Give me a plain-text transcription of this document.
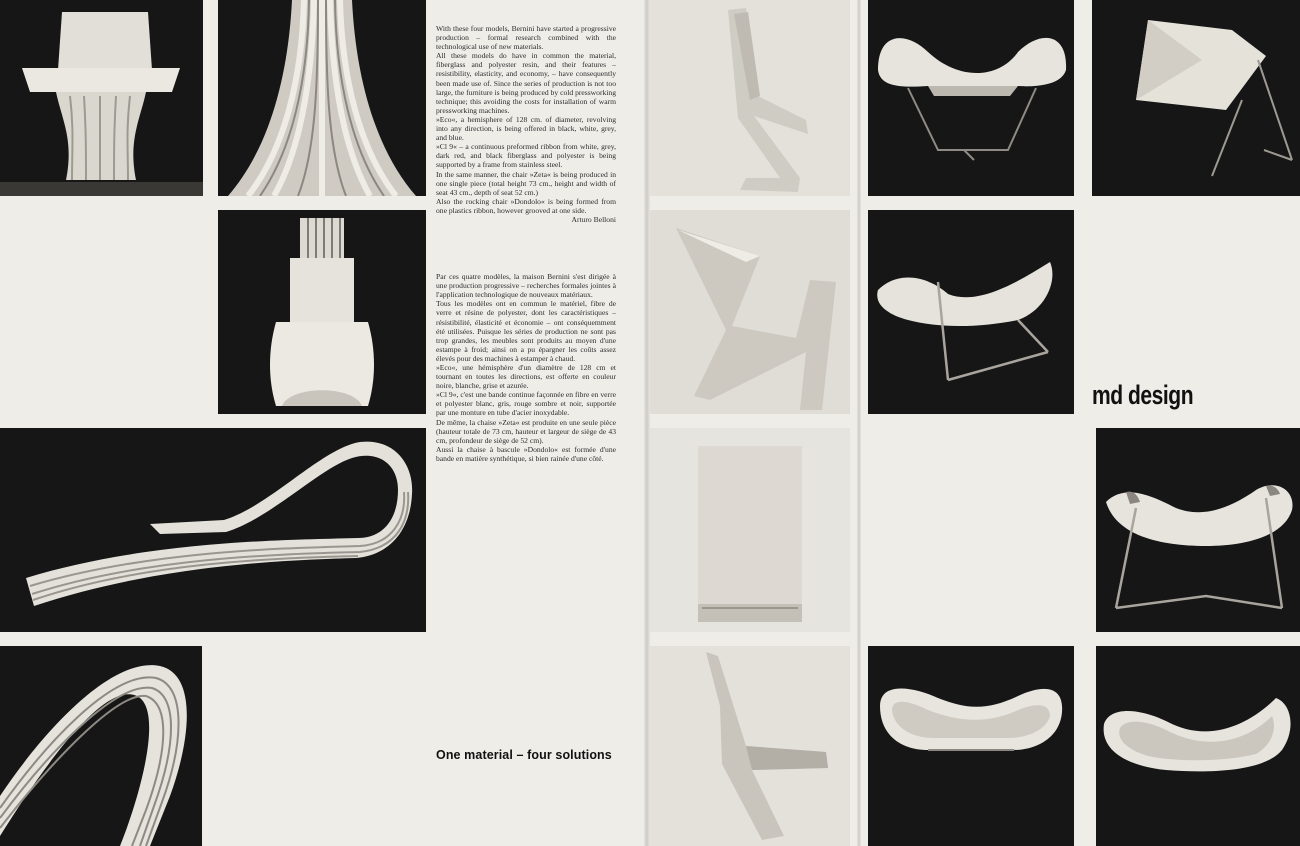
With these four models, Bernini have started a progressive production – formal research combined with the technological use of new materials.

All these models do have in common the material, fiberglass and polyester resin, and their features – resistibility, elasticity, and economy, – have consequently been made use of. Since the series of production is not too large, the furniture is being produced by cold pressworking technique; this avoiding the costs for installation of warm pressworking machines.

»Eco«, a hemisphere of 128 cm. of diameter, revolving into any direction, is being offered in black, white, grey, and blue.

»Cl 9« – a continuous preformed ribbon from white, grey, dark red, and black fiberglass and polyester is being supported by a frame from stainless steel.

In the same manner, the chair »Zeta« is being produced in one single piece (total height 73 cm., height and width of seat 43 cm., depth of seat 52 cm.)

Also the rocking chair »Dondolo« is being formed from one plastics ribbon, however grooved at one side.

Arturo Belloni

Par ces quatre modèles, la maison Bernini s'est dirigée à une production progressive – recherches formales jointes à l'application technologique de nouveaux matériaux.

Tous les modèles ont en commun le matériel, fibre de verre et résine de polyester, dont les caractéristiques – résistibilité, élasticité et économie – ont conséquemment été utilisées. Puisque les séries de production ne sont pas trop grandes, les meubles sont produits au moyen d'une estampe à froid; ainsi on a pu épargner les coûts assez élevés pour des machines à estamper à chaud.

»Eco«, une hémisphère d'un diamètre de 128 cm et tournant en toutes les directions, est offerte en couleur noire, blanche, grise et azurée.

»Cl 9«, c'est une bande continue façonnée en fibre en verre et polyester blanc, gris, rouge sombre et noir, supportée par une monture en tube d'acier inoxydable.

De même, la chaise »Zeta« est produite en une seule pièce (hauteur totale de 73 cm, hauteur et largeur de siège de 43 cm, profondeur de siège de 52 cm).

Aussi la chaise à bascule »Dondolo« est formée d'une bande en matière synthétique, si bien rainée d'une côté.

One material – four solutions
md design
